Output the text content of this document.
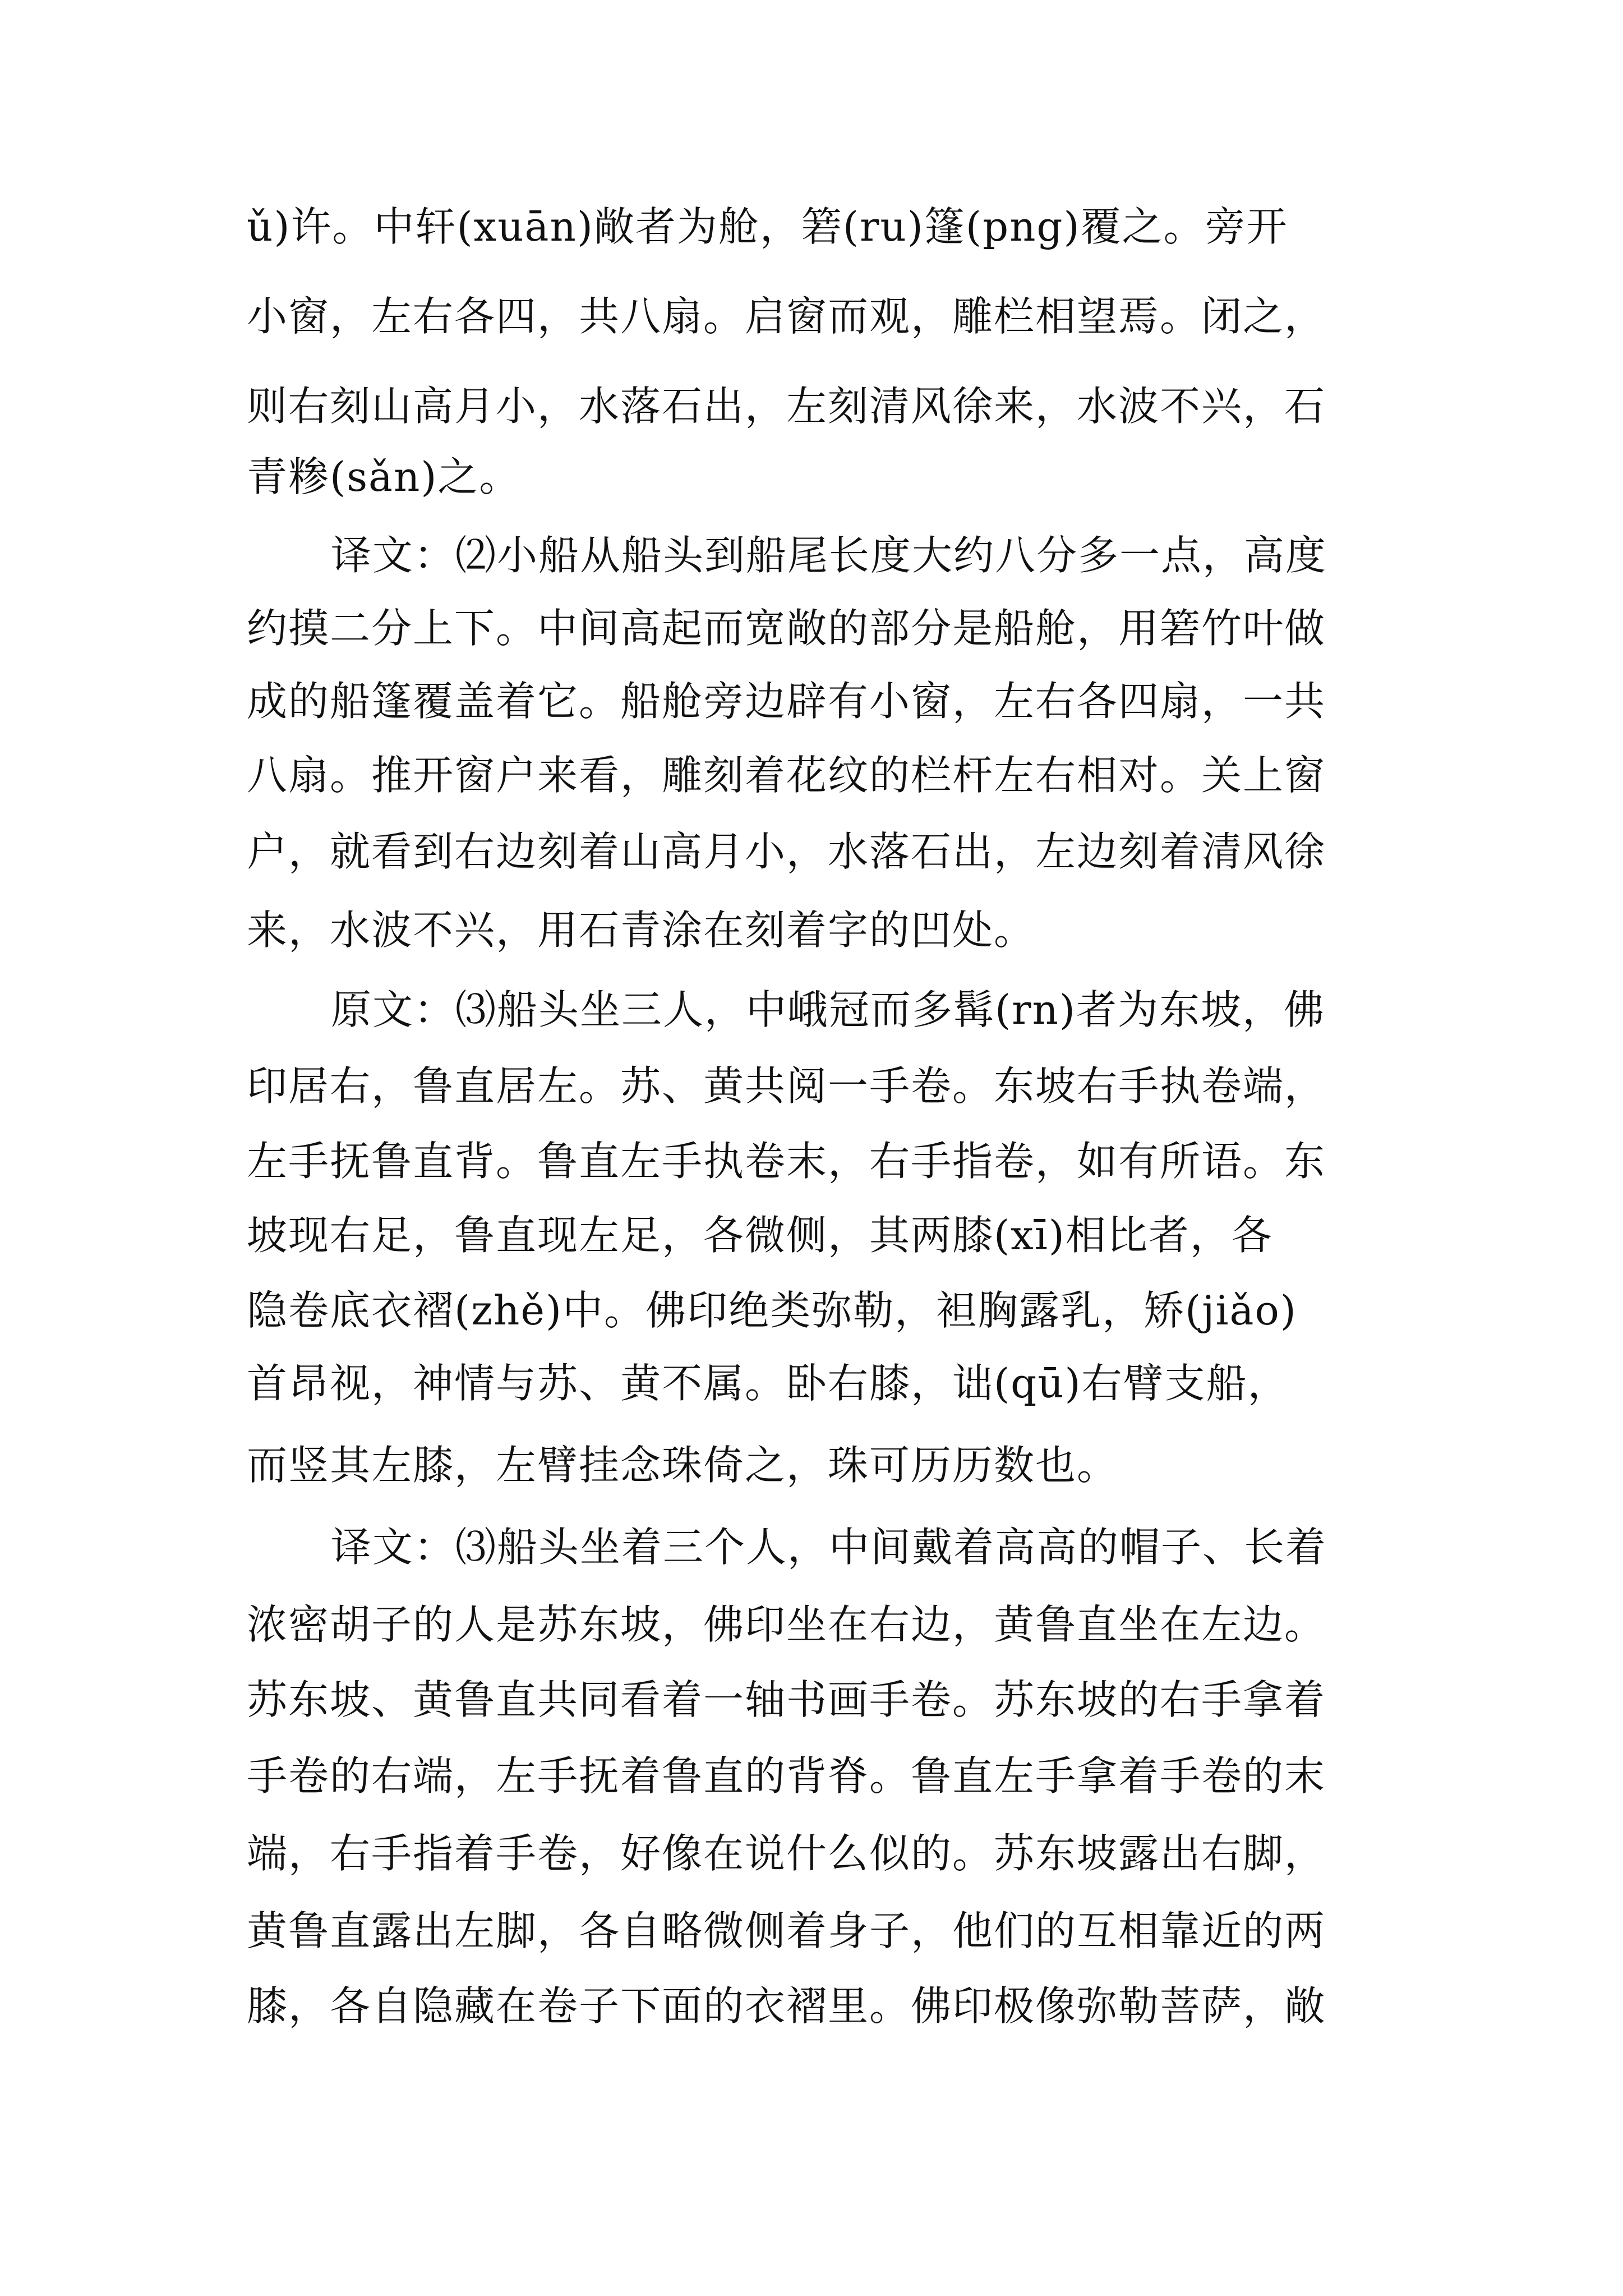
ǔ)许。中轩(xuān)敞者为舱，箬(ru)篷(png)覆之。旁开
小窗，左右各四，共八扇。启窗而观，雕栏相望焉。闭之，
则右刻山高月小，水落石出，左刻清风徐来，水波不兴，石
青糁(sǎn)之。
译文：⑵小船从船头到船尾长度大约八分多一点，高度
约摸二分上下。中间高起而宽敞的部分是船舱，用箬竹叶做
成的船篷覆盖着它。船舱旁边辟有小窗，左右各四扇，一共
八扇。推开窗户来看，雕刻着花纹的栏杆左右相对。关上窗
户，就看到右边刻着山高月小，水落石出，左边刻着清风徐
来，水波不兴，用石青涂在刻着字的凹处。
原文：⑶船头坐三人，中峨冠而多髯(rn)者为东坡，佛
印居右，鲁直居左。苏、黄共阅一手卷。东坡右手执卷端，
左手抚鲁直背。鲁直左手执卷末，右手指卷，如有所语。东
坡现右足，鲁直现左足，各微侧，其两膝(xī)相比者，各
隐卷底衣褶(zhě)中。佛印绝类弥勒，袒胸露乳，矫(jiǎo)
首昂视，神情与苏、黄不属。卧右膝，诎(qū)右臂支船，
而竖其左膝，左臂挂念珠倚之，珠可历历数也。
译文：⑶船头坐着三个人，中间戴着高高的帽子、长着
浓密胡子的人是苏东坡，佛印坐在右边，黄鲁直坐在左边。
苏东坡、黄鲁直共同看着一轴书画手卷。苏东坡的右手拿着
手卷的右端，左手抚着鲁直的背脊。鲁直左手拿着手卷的末
端，右手指着手卷，好像在说什么似的。苏东坡露出右脚，
黄鲁直露出左脚，各自略微侧着身子，他们的互相靠近的两
膝，各自隐藏在卷子下面的衣褶里。佛印极像弥勒菩萨，敞
